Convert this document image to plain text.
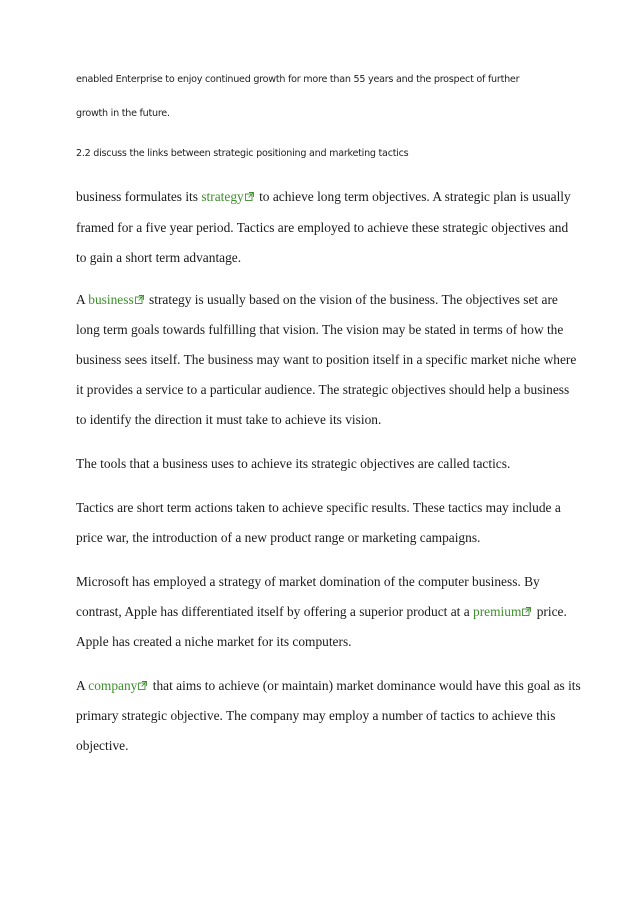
enabled Enterprise to enjoy continued growth for more than 55 years and the prospect of further
growth in the future.
2.2 discuss the links between strategic positioning and marketing tactics
business formulates its strategy
to achieve long term objectives. A strategic plan is usually
framed for a five year period. Tactics are employed to achieve these strategic objectives and
to gain a short term advantage.
A business
strategy is usually based on the vision of the business. The objectives set are
long term goals towards fulfilling that vision. The vision may be stated in terms of how the
business sees itself. The business may want to position itself in a specific market niche where
it provides a service to a particular audience. The strategic objectives should help a business
to identify the direction it must take to achieve its vision.
The tools that a business uses to achieve its strategic objectives are called tactics.
Tactics are short term actions taken to achieve specific results. These tactics may include a
price war, the introduction of a new product range or marketing campaigns.
Microsoft has employed a strategy of market domination of the computer business. By
contrast, Apple has differentiated itself by offering a superior product at a premium
price.
Apple has created a niche market for its computers.
A company
that aims to achieve (or maintain) market dominance would have this goal as its
primary strategic objective. The company may employ a number of tactics to achieve this
objective.
